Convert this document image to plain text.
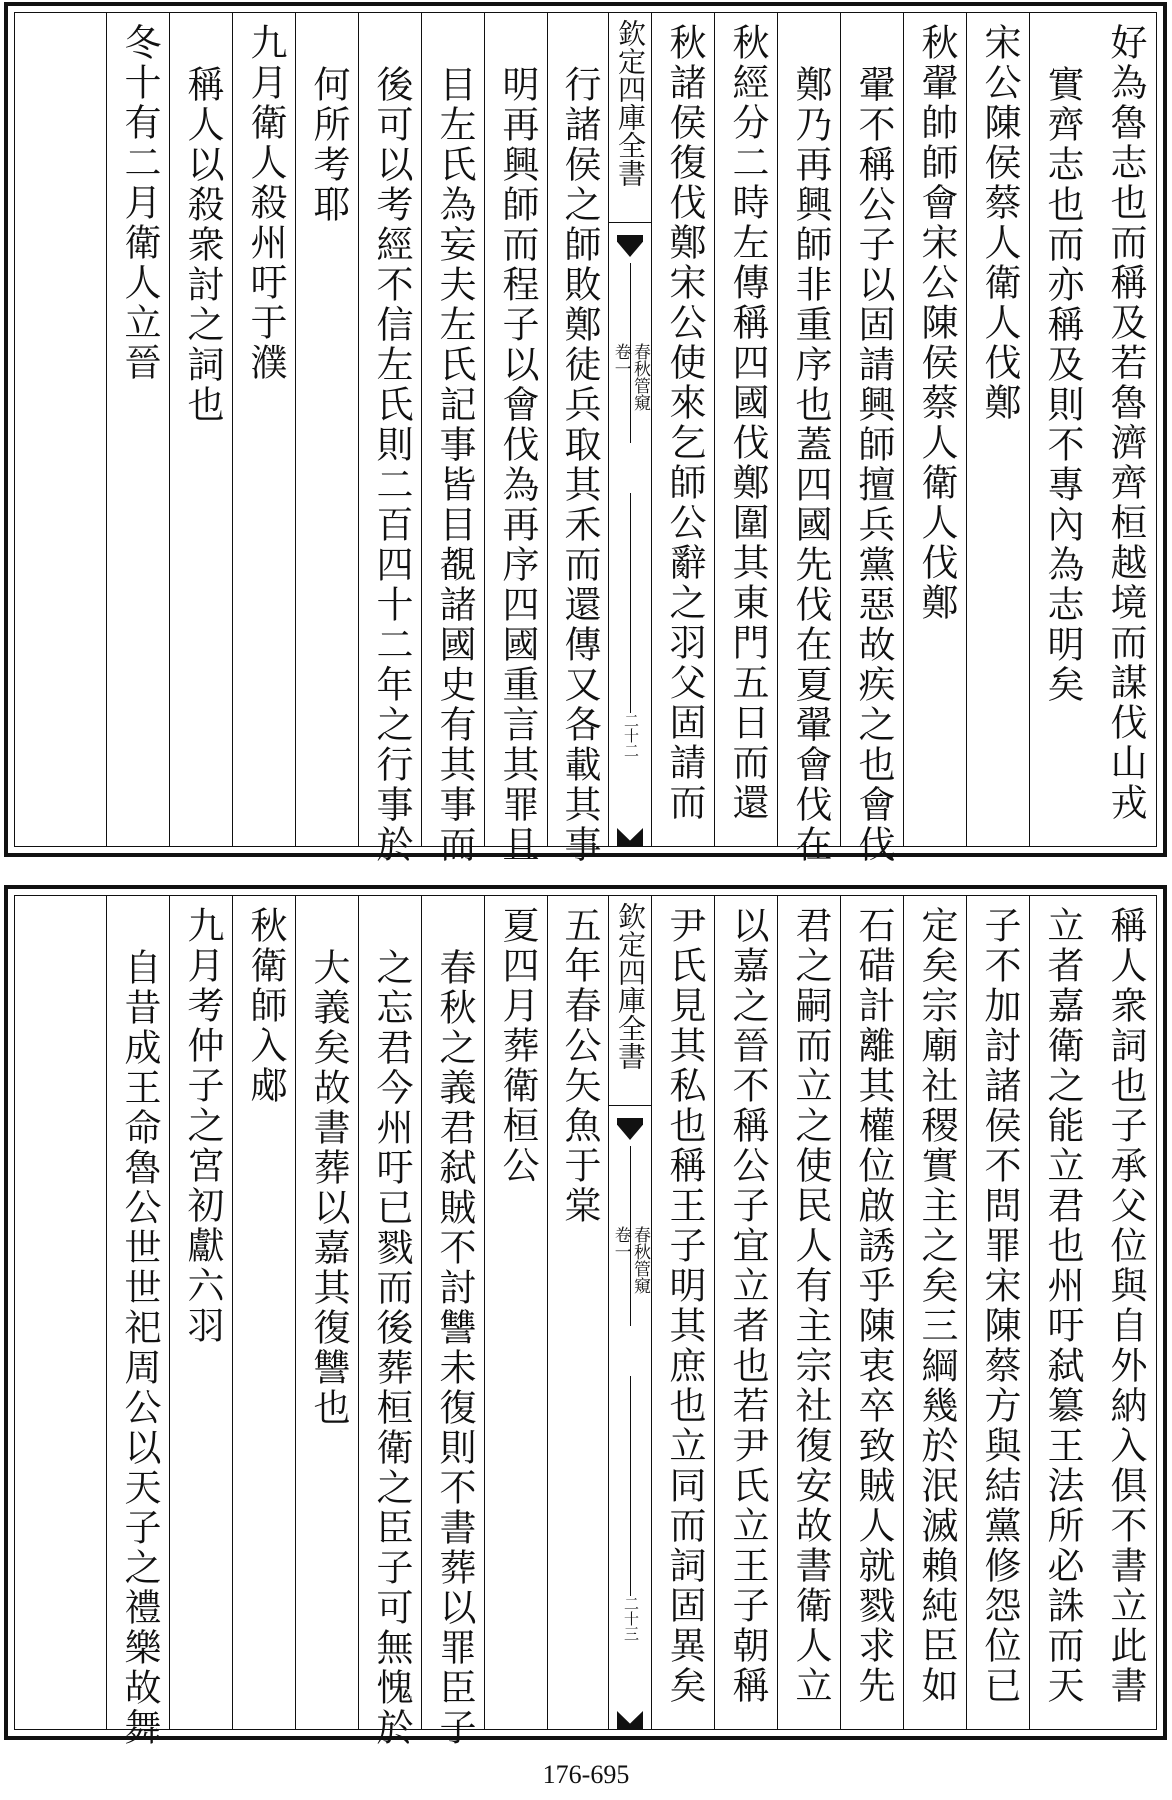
好為魯志也而稱及若魯濟齊桓越境而謀伐山戎
實齊志也而亦稱及則不專內為志明矣
宋公陳侯蔡人衛人伐鄭
秋翬帥師會宋公陳侯蔡人衛人伐鄭
翬不稱公子以固請興師擅兵黨惡故疾之也會伐
鄭乃再興師非重序也蓋四國先伐在夏翬會伐在
秋經分二時左傳稱四國伐鄭圍其東門五日而還
秋諸侯復伐鄭宋公使來乞師公辭之羽父固請而
欽定四庫全書
春秋管窺
卷一
二十二
行諸侯之師敗鄭徒兵取其禾而還傳又各載其事
明再興師而程子以會伐為再序四國重言其罪且
目左氏為妄夫左氏記事皆目覩諸國史有其事而
後可以考經不信左氏則二百四十二年之行事於
何所考耶
九月衛人殺州吁于濮
稱人以殺衆討之詞也
冬十有二月衛人立晉
稱人衆詞也子承父位與自外納入俱不書立此書
立者嘉衛之能立君也州吁弑簒王法所必誅而天
子不加討諸侯不問罪宋陳蔡方與結黨修怨位已
定矣宗廟社稷實主之矣三綱幾於泯滅賴純臣如
石碏計離其權位啟誘乎陳衷卒致賊人就戮求先
君之嗣而立之使民人有主宗社復安故書衛人立
以嘉之晉不稱公子宜立者也若尹氏立王子朝稱
尹氏見其私也稱王子明其庶也立同而詞固異矣
欽定四庫全書
春秋管窺
卷一
二十三
五年春公矢魚于棠
夏四月葬衛桓公
春秋之義君弑賊不討讐未復則不書葬以罪臣子
之忘君今州吁已戮而後葬桓衛之臣子可無愧於
大義矣故書葬以嘉其復讐也
秋衛師入郕
九月考仲子之宮初獻六羽
自昔成王命魯公世世祀周公以天子之禮樂故舞
176-695
